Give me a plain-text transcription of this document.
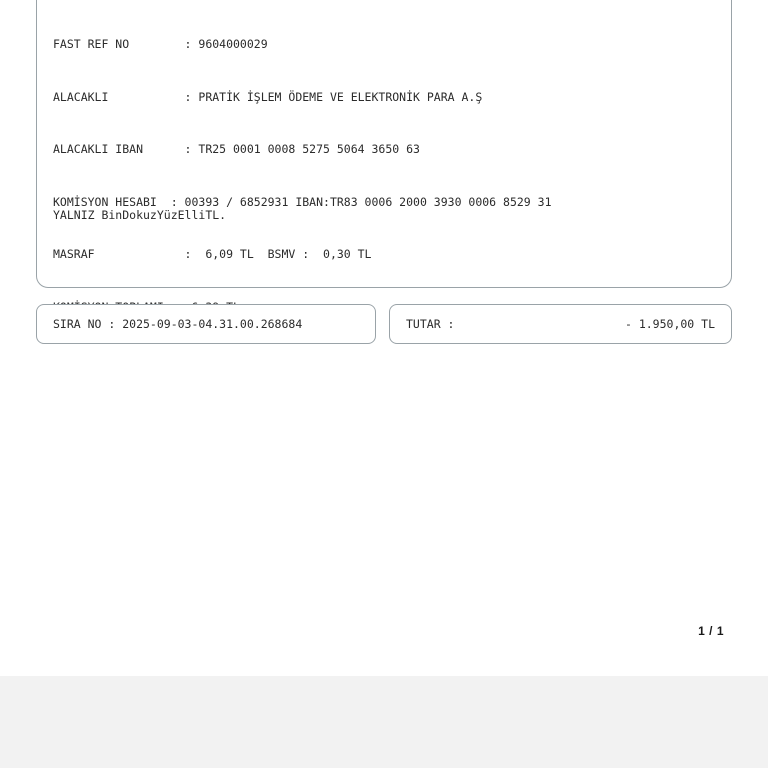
FAST REF NO        : 9604000029

ALACAKLI           : PRATİK İŞLEM ÖDEME VE ELEKTRONİK PARA A.Ş

ALACAKLI IBAN      : TR25 0001 0008 5275 5064 3650 63

KOMİSYON HESABI  : 00393 / 6852931 IBAN:TR83 0006 2000 3930 0006 8529 31

MASRAF             :  6,09 TL  BSMV :  0,30 TL

YALNIZ BinDokuzYüzElliTL.
SIRA NO : 2025-09-03-04.31.00.268684	TUTAR :	- 1.950,00 TL
1 / 1
